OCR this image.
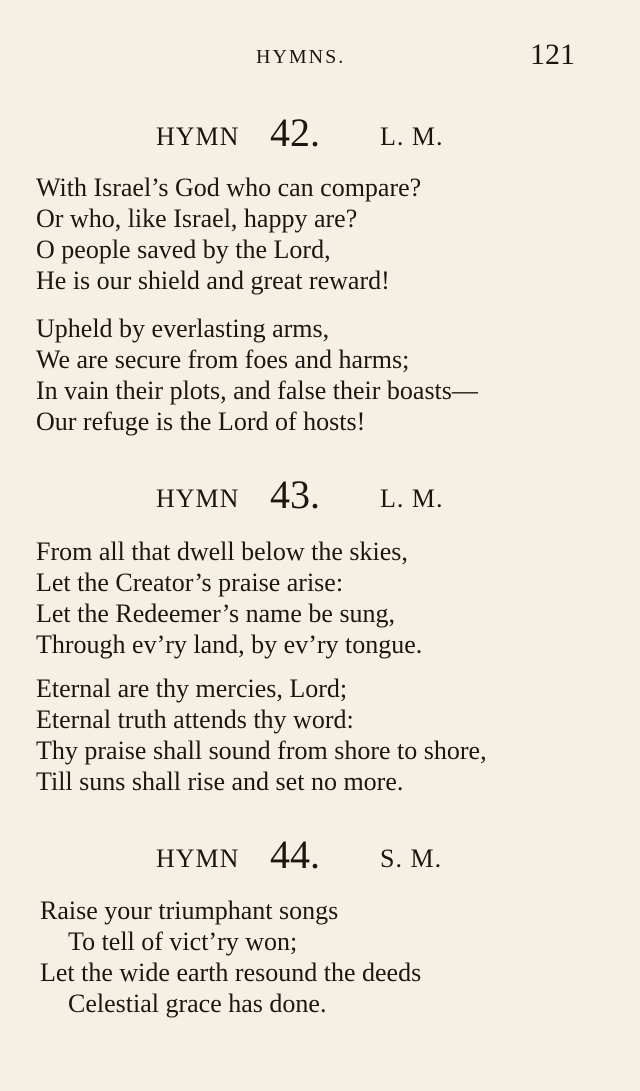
HYMNS.	121
HYMN 42. L. M.
With Israel’s God who can compare?
Or who, like Israel, happy are?
O people saved by the Lord,
He is our shield and great reward!
Upheld by everlasting arms,
We are secure from foes and harms;
In vain their plots, and false their boasts—
Our refuge is the Lord of hosts!
HYMN 43. L. M.
From all that dwell below the skies,
Let the Creator’s praise arise:
Let the Redeemer’s name be sung,
Through ev’ry land, by ev’ry tongue.
Eternal are thy mercies, Lord;
Eternal truth attends thy word:
Thy praise shall sound from shore to shore,
Till suns shall rise and set no more.
HYMN 44. S. M.
Raise your triumphant songs
To tell of vict’ry won;
Let the wide earth resound the deeds
Celestial grace has done.
